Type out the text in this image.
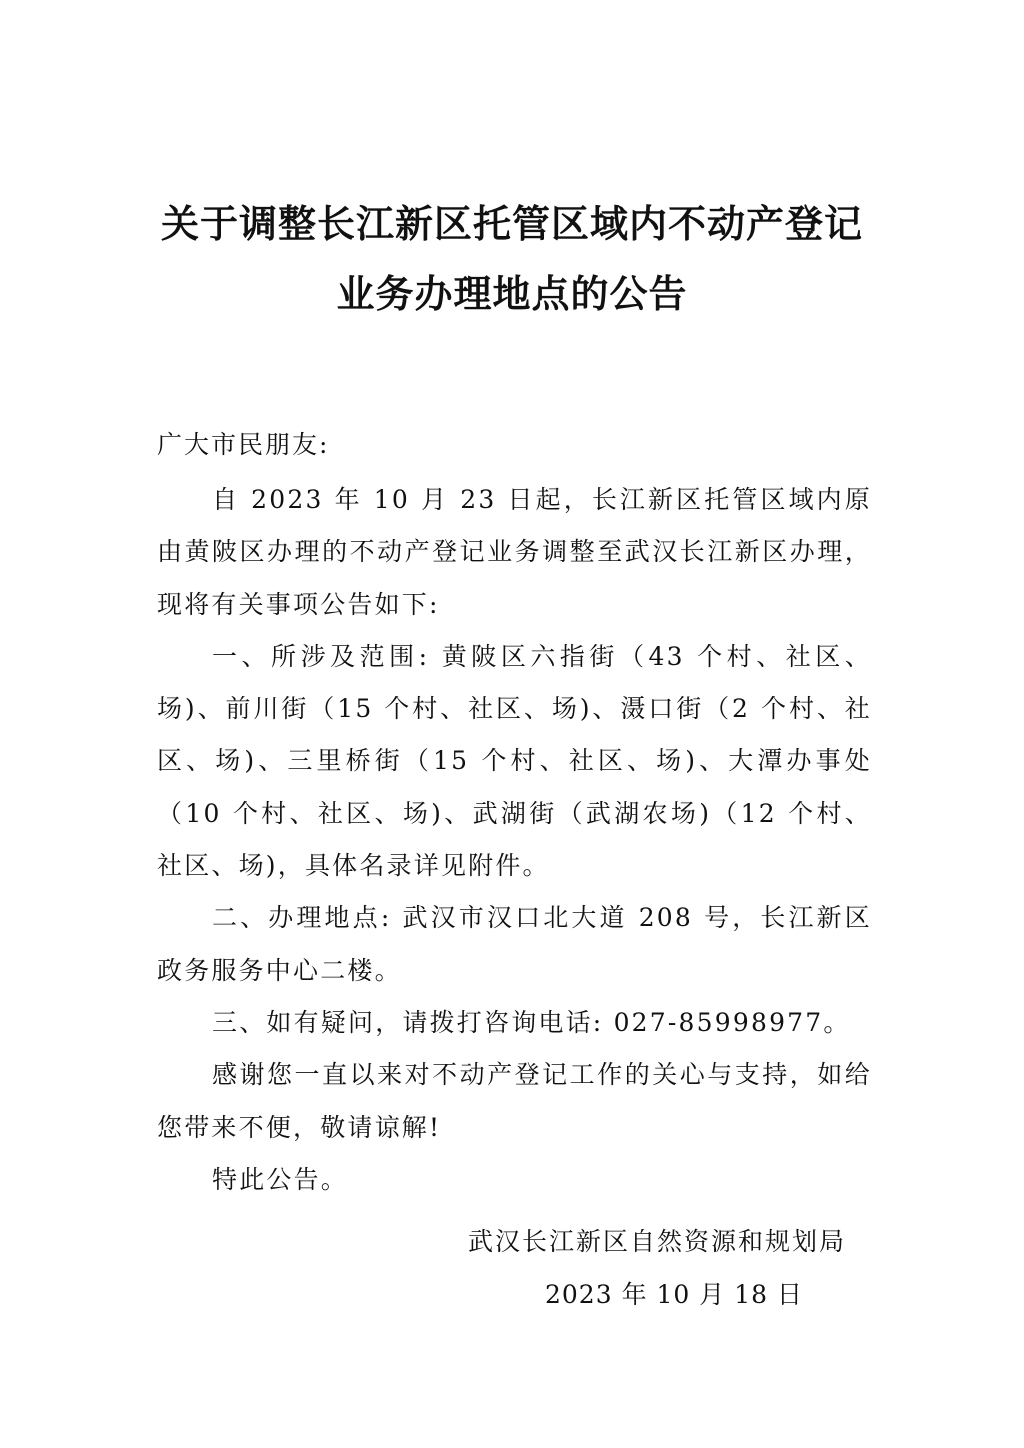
关于调整长江新区托管区域内不动产登记
业务办理地点的公告
广大市民朋友:

自 2023 年 10 月 23 日起，长江新区托管区域内原由黄陂区办理的不动产登记业务调整至武汉长江新区办理，现将有关事项公告如下:

一、所涉及范围: 黄陂区六指街（43 个村、社区、场)、前川街（15 个村、社区、场)、滠口街（2 个村、社区、场)、三里桥街（15 个村、社区、场)、大潭办事处（10 个村、社区、场)、武湖街（武湖农场)（12 个村、社区、场)，具体名录详见附件。

二、办理地点: 武汉市汉口北大道 208 号，长江新区政务服务中心二楼。

三、如有疑问，请拨打咨询电话: 027-85998977。

感谢您一直以来对不动产登记工作的关心与支持，如给您带来不便，敬请谅解!

特此公告。

武汉长江新区自然资源和规划局
2023 年 10 月 18 日
